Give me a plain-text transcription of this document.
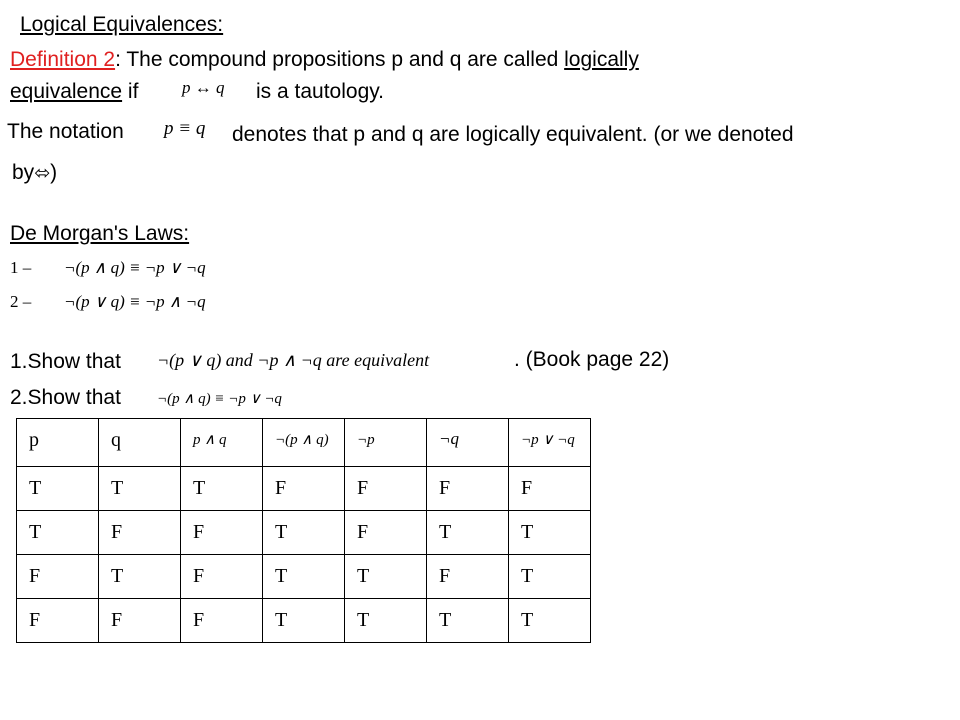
Logical Equivalences:
Definition 2: The compound propositions p and q are called logically
equivalence if	p ↔ q is a tautology.
The notation p ≡ q denotes that p and q are logically equivalent. (or we denoted
by⬄)
De Morgan's Laws:
1 – ¬(p ∧ q) ≡ ¬p ∨ ¬q
2 – ¬(p ∨ q) ≡ ¬p ∧ ¬q
1.Show that ¬(p ∨ q) and ¬p ∧ ¬q are equivalent	. (Book page 22)
2.Show that ¬(p ∧ q) ≡ ¬p ∨ ¬q
p	q	p ∧ q	¬(p ∧ q)	¬p	¬q	¬p ∨ ¬q
T	T	T	F	F	F	F
T	F	F	T	F	T	T
F	T	F	T	T	F	T
F	F	F	T	T	T	T
